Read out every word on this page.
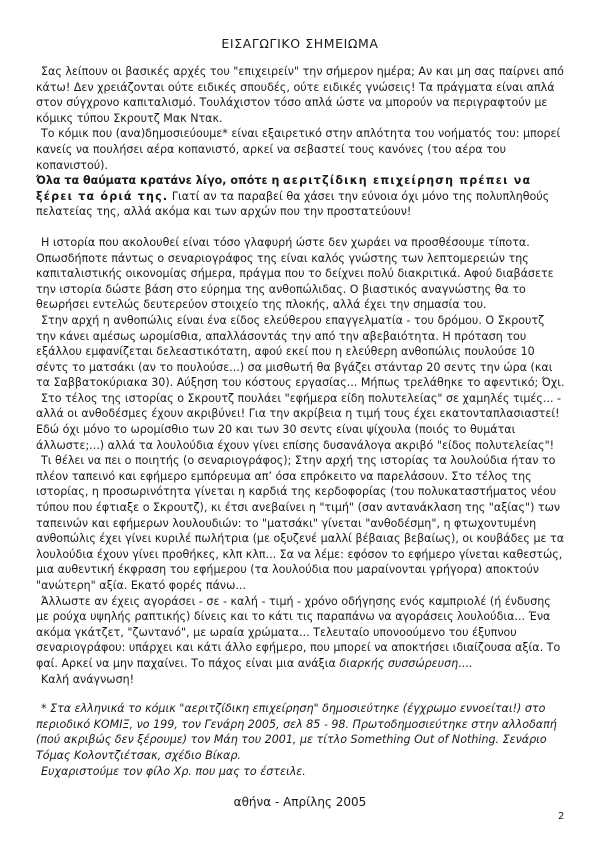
ΕΙΣΑΓΩΓΙΚΟ ΣΗΜΕΙΩΜΑ

Σας λείπουν οι βασικές αρχές του "επιχειρείν" την σήμερον ημέρα; Αν και μη σας παίρνει από κάτω! Δεν χρειάζονται ούτε ειδικές σπουδές, ούτε ειδικές γνώσεις! Τα πράγματα είναι απλά στον σύγχρονο καπιταλισμό. Τουλάχιστον τόσο απλά ώστε να μπορούν να περιγραφτούν με κόμικς τύπου Σκρουτζ Μακ Ντακ.

Το κόμικ που (ανα)δημοσιεύουμε* είναι εξαιρετικό στην απλότητα του νοήματός του: μπορεί κανείς να πουλήσει αέρα κοπανιστό, αρκεί να σεβαστεί τους κανόνες (του αέρα του κοπανιστού).
Όλα τα θαύματα κρατάνε λίγο, οπότε η αεριτζίδικη επιχείρηση πρέπει να ξέρει τα όριά της. Γιατί αν τα παραβεί θα χάσει την εύνοια όχι μόνο της πολυπληθούς πελατείας της, αλλά ακόμα και των αρχών που την προστατεύουν!

Η ιστορία που ακολουθεί είναι τόσο γλαφυρή ώστε δεν χωράει να προσθέσουμε τίποτα. Οπωσδήποτε πάντως ο σεναριογράφος της είναι καλός γνώστης των λεπτομερειών της καπιταλιστικής οικονομίας σήμερα, πράγμα που το δείχνει πολύ διακριτικά. Αφού διαβάσετε την ιστορία δώστε βάση στο εύρημα της ανθοπώλιδας. Ο βιαστικός αναγνώστης θα το θεωρήσει εντελώς δευτερεύον στοιχείο της πλοκής, αλλά έχει την σημασία του.

Στην αρχή η ανθοπώλις είναι ένα είδος ελεύθερου επαγγελματία - του δρόμου. Ο Σκρουτζ την κάνει αμέσως ωρομίσθια, απαλλάσοντάς την από την αβεβαιότητα. Η πρόταση του εξάλλου εμφανίζεται δελεαστικότατη, αφού εκεί που η ελεύθερη ανθοπώλις πουλούσε 10 σέντς το ματσάκι (αν το πουλούσε...) σα μισθωτή θα βγάζει στάνταρ 20 σεντς την ώρα (και τα Σαββατοκύριακα 30). Αύξηση του κόστους εργασίας... Μήπως τρελάθηκε το αφεντικό; Όχι.

Στο τέλος της ιστορίας ο Σκρουτζ πουλάει "εφήμερα είδη πολυτελείας" σε χαμηλές τιμές... - αλλά οι ανθοδέσμες έχουν ακριβύνει! Για την ακρίβεια η τιμή τους έχει εκατονταπλασιαστεί! Εδώ όχι μόνο το ωρομίσθιο των 20 και των 30 σεντς είναι ψίχουλα (ποιός το θυμάται άλλωστε;...) αλλά τα λουλούδια έχουν γίνει επίσης δυσανάλογα ακριβό "είδος πολυτελείας"!

Τι θέλει να πει ο ποιητής (ο σεναριογράφος); Στην αρχή της ιστορίας τα λουλούδια ήταν το πλέον ταπεινό και εφήμερο εμπόρευμα απ’ όσα επρόκειτο να παρελάσουν. Στο τέλος της ιστορίας, η προσωρινότητα γίνεται η καρδιά της κερδοφορίας (του πολυκαταστήματος νέου τύπου που έφτιαξε ο Σκρουτζ), κι έτσι ανεβαίνει η "τιμή" (σαν αντανάκλαση της "αξίας") των ταπεινών και εφήμερων λουλουδιών: το "ματσάκι" γίνεται "ανθοδέσμη", η φτωχοντυμένη ανθοπώλις έχει γίνει κυριλέ πωλήτρια (με οξυζενέ μαλλί βέβαιας βεβαίως), οι κουβάδες με τα λουλούδια έχουν γίνει προθήκες, κλπ κλπ... Σα να λέμε: εφόσον το εφήμερο γίνεται καθεστώς, μια αυθεντική έκφραση του εφήμερου (τα λουλούδια που μαραίνονται γρήγορα) αποκτούν "ανώτερη" αξία. Εκατό φορές πάνω...

Άλλωστε αν έχεις αγοράσει - σε - καλή - τιμή - χρόνο οδήγησης ενός καμπριολέ (ή ένδυσης με ρούχα υψηλής ραπτικής) δίνεις και το κάτι τις παραπάνω να αγοράσεις λουλούδια... Ένα ακόμα γκάτζετ, "ζωντανό", με ωραία χρώματα... Τελευταίο υπονοούμενο του έξυπνου σεναριογράφου: υπάρχει και κάτι άλλο εφήμερο, που μπορεί να αποκτήσει ιδιαίζουσα αξία. Το φαί. Αρκεί να μην παχαίνει. Το πάχος είναι μια ανάξια διαρκής συσσώρευση....

Καλή ανάγνωση!

* Στα ελληνικά το κόμικ "αεριτζίδικη επιχείρηση" δημοσιεύτηκε (έγχρωμο εννοείται!) στο περιοδικό ΚΟΜΙΞ, νο 199, τον Γενάρη 2005, σελ 85 - 98. Πρωτοδημοσιεύτηκε στην αλλοδαπή (πού ακριβώς δεν ξέρουμε) τον Μάη του 2001, με τίτλο Something Out of Nothing. Σενάριο Τόμας Κολοντζιέτσακ, σχέδιο Βίκαρ.

Ευχαριστούμε τον φίλο Χρ. που μας το έστειλε.

αθήνα - Απρίλης 2005
2
